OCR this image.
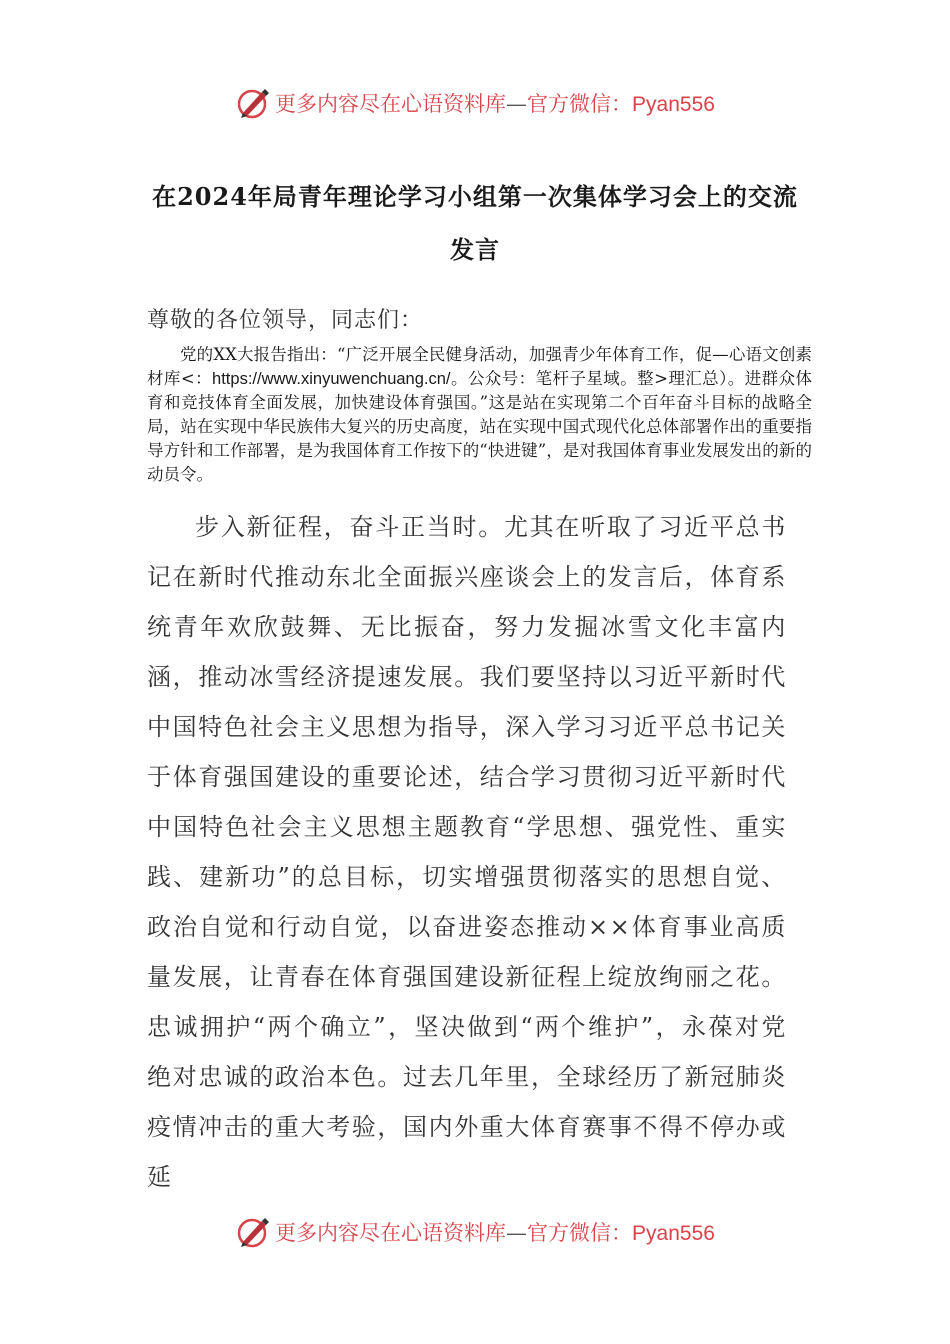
更多内容尽在心语资料库—官方微信：Pyan556
在2024年局青年理论学习小组第一次集体学习会上的交流发言
尊敬的各位领导，同志们：
党的XX大报告指出：“广泛开展全民健身活动，加强青少年体育工作，促—心语文创素材库<：https://www.xinyuwenchuang.cn/。公众号：笔杆子星域。整>理汇总）。进群众体育和竞技体育全面发展，加快建设体育强国。”这是站在实现第二个百年奋斗目标的战略全局，站在实现中华民族伟大复兴的历史高度，站在实现中国式现代化总体部署作出的重要指导方针和工作部署，是为我国体育工作按下的“快进键”，是对我国体育事业发展发出的新的动员令。
步入新征程，奋斗正当时。尤其在听取了习近平总书记在新时代推动东北全面振兴座谈会上的发言后，体育系统青年欢欣鼓舞、无比振奋，努力发掘冰雪文化丰富内涵，推动冰雪经济提速发展。我们要坚持以习近平新时代中国特色社会主义思想为指导，深入学习习近平总书记关于体育强国建设的重要论述，结合学习贯彻习近平新时代中国特色社会主义思想主题教育“学思想、强党性、重实践、建新功”的总目标，切实增强贯彻落实的思想自觉、政治自觉和行动自觉，以奋进姿态推动××体育事业高质量发展，让青春在体育强国建设新征程上绽放绚丽之花。忠诚拥护“两个确立”，坚决做到“两个维护”，永葆对党绝对忠诚的政治本色。过去几年里，全球经历了新冠肺炎疫情冲击的重大考验，国内外重大体育赛事不得不停办或延
更多内容尽在心语资料库—官方微信：Pyan556
